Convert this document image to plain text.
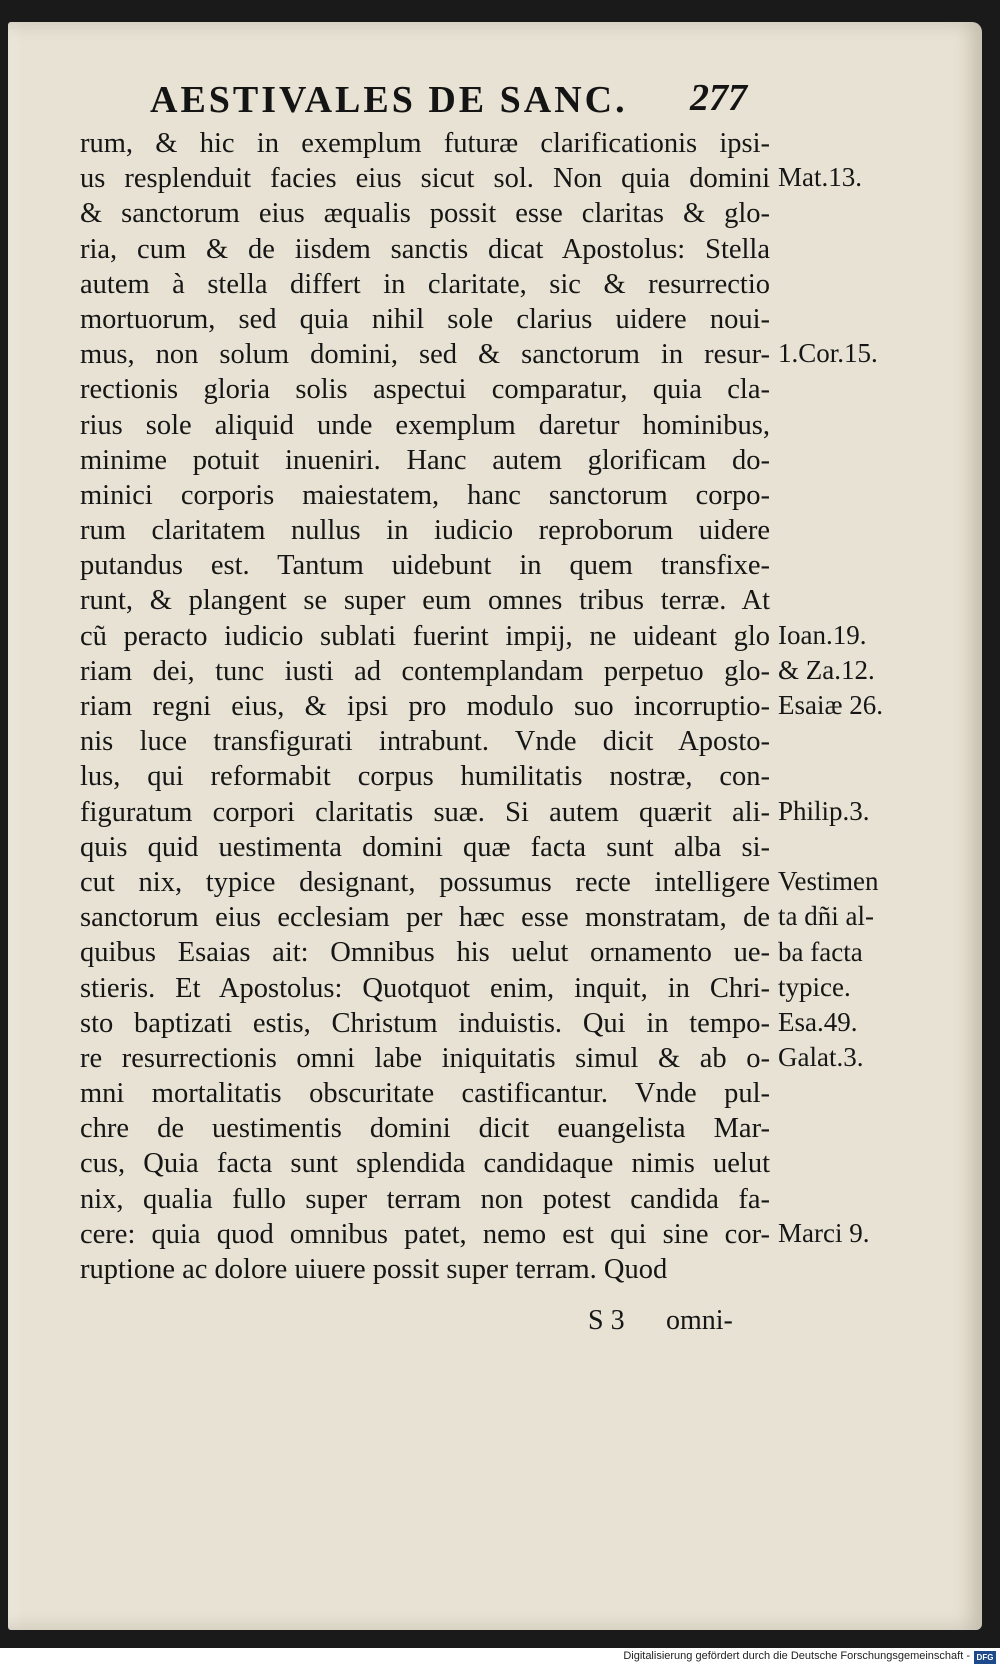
AESTIVALES DE SANC. 277
rum, & hic in exemplum futuræ clarificationis ipsi-
us resplenduit facies eius sicut sol. Non quia domini
& sanctorum eius æqualis possit esse claritas & glo-
ria, cum & de iisdem sanctis dicat Apostolus: Stella
autem à stella differt in claritate, sic & resurrectio
mortuorum, sed quia nihil sole clarius uidere noui-
mus, non solum domini, sed & sanctorum in resur-
rectionis gloria solis aspectui comparatur, quia cla-
rius sole aliquid unde exemplum daretur hominibus,
minime potuit inueniri. Hanc autem glorificam do-
minici corporis maiestatem, hanc sanctorum corpo-
rum claritatem nullus in iudicio reproborum uidere
putandus est. Tantum uidebunt in quem transfixe-
runt, & plangent se super eum omnes tribus terræ. At
cũ peracto iudicio sublati fuerint impij, ne uideant glo
riam dei, tunc iusti ad contemplandam perpetuo glo-
riam regni eius, & ipsi pro modulo suo incorruptio-
nis luce transfigurati intrabunt. Vnde dicit Aposto-
lus, qui reformabit corpus humilitatis nostræ, con-
figuratum corpori claritatis suæ. Si autem quærit ali-
quis quid uestimenta domini quæ facta sunt alba si-
cut nix, typice designant, possumus recte intelligere
sanctorum eius ecclesiam per hæc esse monstratam, de
quibus Esaias ait: Omnibus his uelut ornamento ue-
stieris. Et Apostolus: Quotquot enim, inquit, in Chri-
sto baptizati estis, Christum induistis. Qui in tempo-
re resurrectionis omni labe iniquitatis simul & ab o-
mni mortalitatis obscuritate castificantur. Vnde pul-
chre de uestimentis domini dicit euangelista Mar-
cus, Quia facta sunt splendida candidaque nimis uelut
nix, qualia fullo super terram non potest candida fa-
cere: quia quod omnibus patet, nemo est qui sine cor-
ruptione ac dolore uiuere possit super terram. Quod
Mat.13.
1.Cor.15.
Ioan.19.
& Za.12.
Esaiæ 26.
Philip.3.
Vestimen
ta dñi al-
ba facta
typice.
Esa.49.
Galat.3.
Marci 9.
S 3 omni-
Digitalisierung gefördert durch die Deutsche Forschungsgemeinschaft - DFG
